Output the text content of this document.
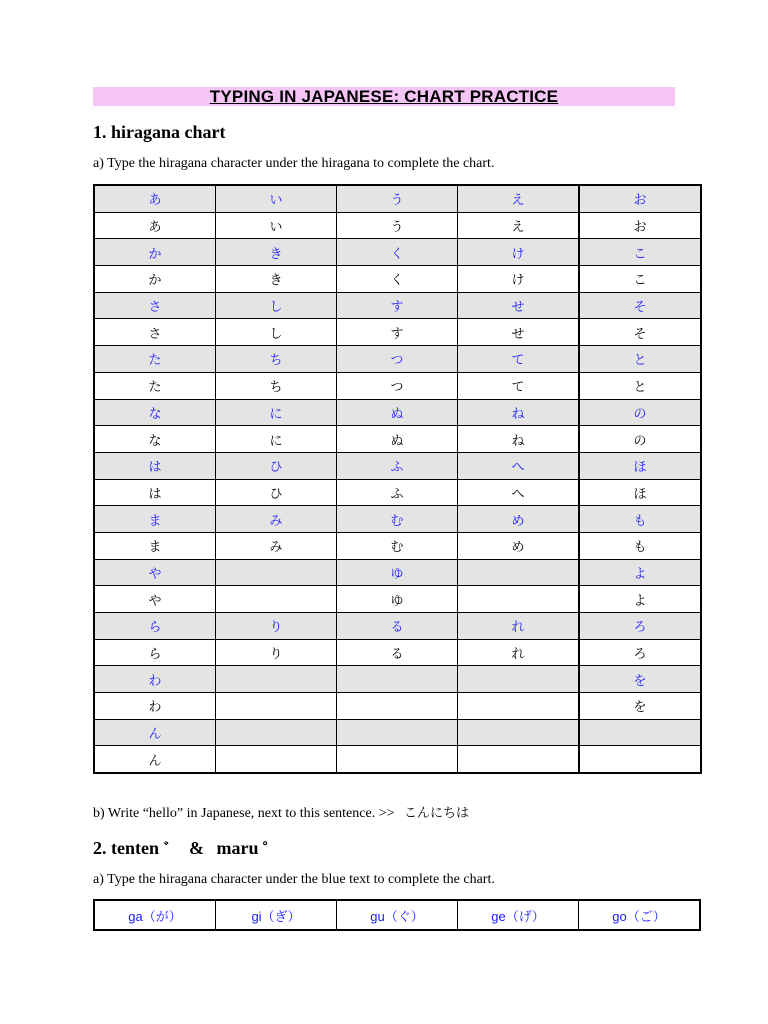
TYPING IN JAPANESE: CHART PRACTICE
1. hiragana chart
a) Type the hiragana character under the hiragana to complete the chart.
あ	い	う	え	お
あ	い	う	え	お
か	き	く	け	こ
か	き	く	け	こ
さ	し	す	せ	そ
さ	し	す	せ	そ
た	ち	つ	て	と
た	ち	つ	て	と
な	に	ぬ	ね	の
な	に	ぬ	ね	の
は	ひ	ふ	へ	ほ
は	ひ	ふ	へ	ほ
ま	み	む	め	も
ま	み	む	め	も
や		ゆ		よ
や		ゆ		よ
ら	り	る	れ	ろ
ら	り	る	れ	ろ
わ				を
わ				を
ん				
ん				
b) Write “hello” in Japanese, next to this sentence. >> こんにちは
2. tenten ゛ & maru ゜
a) Type the hiragana character under the blue text to complete the chart.
ga（が）	gi（ぎ）	gu（ぐ）	ge（げ）	go（ご）
